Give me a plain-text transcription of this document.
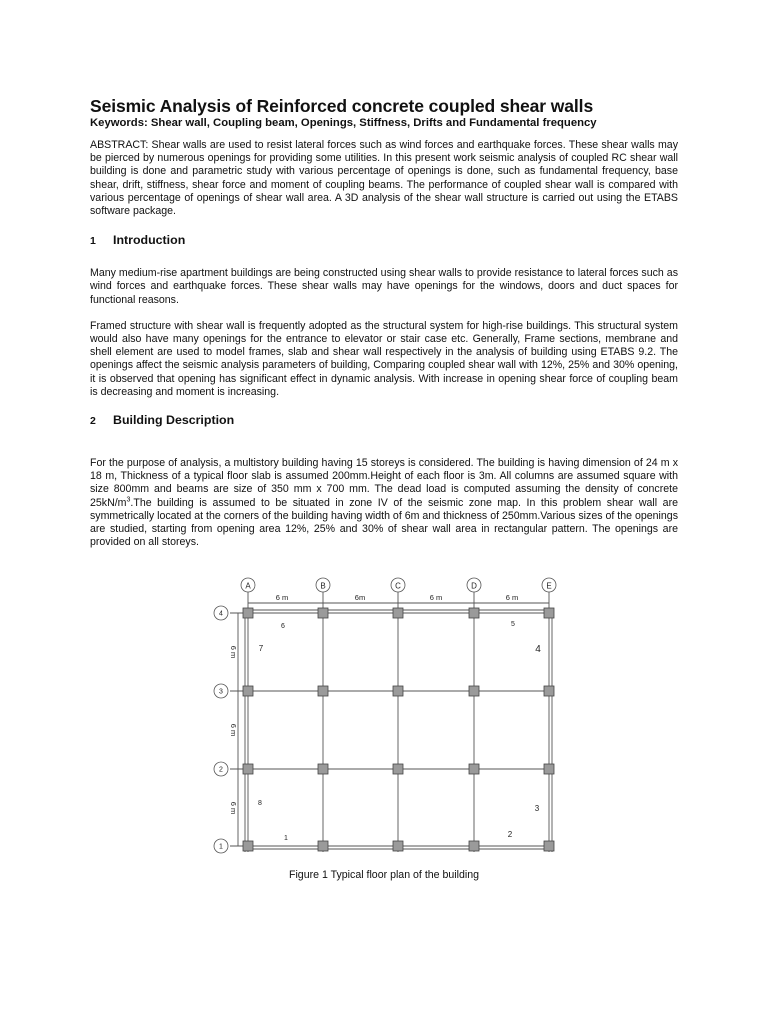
Seismic Analysis of Reinforced concrete coupled shear walls
Keywords: Shear wall, Coupling beam, Openings, Stiffness, Drifts and Fundamental frequency

ABSTRACT: Shear walls are used to resist lateral forces such as wind forces and earthquake forces. These shear walls may be pierced by numerous openings for providing some utilities. In this present work seismic analysis of coupled RC shear wall building is done and parametric study with various percentage of openings is done, such as fundamental frequency, base shear, drift, stiffness, shear force and moment of coupling beams. The performance of coupled shear wall is compared with various percentage of openings of shear wall area. A 3D analysis of the shear wall structure is carried out using the ETABS software package.

1	Introduction

Many medium-rise apartment buildings are being constructed using shear walls to provide resistance to lateral forces such as wind forces and earthquake forces. These shear walls may have openings for the windows, doors and duct spaces for functional reasons.

Framed structure with shear wall is frequently adopted as the structural system for high-rise buildings. This structural system would also have many openings for the entrance to elevator or stair case etc. Generally, Frame sections, membrane and shell element are used to model frames, slab and shear wall respectively in the analysis of building using ETABS 9.2. The openings affect the seismic analysis parameters of building, Comparing coupled shear wall with 12%, 25% and 30% opening, it is observed that opening has significant effect in dynamic analysis. With increase in opening shear force of coupling beam is decreasing and moment is increasing.

2	Building Description

For the purpose of analysis, a multistory building having 15 storeys is considered. The building is having dimension of 24 m x 18 m, Thickness of a typical floor slab is assumed 200mm.Height of each floor is 3m. All columns are assumed square with size 800mm and beams are size of 350 mm x 700 mm. The dead load is computed assuming the density of concrete $25kN/m^3.The$ building is assumed to be situated in zone IV of the seismic zone map. In this problem shear wall are symmetrically located at the corners of the building having width of 6m and thickness of 250mm.Various sizes of the openings are studied, starting from opening area 12%, 25% and 30% of shear wall area in rectangular pattern. The openings are provided on all storeys.

A	B	C	D	E
4
3
2
1
6 m	6m	6 m	6 m
6 m
6 m
6 m
7
6	5
4
8
1	2
3
Figure 1 Typical floor plan of the building
